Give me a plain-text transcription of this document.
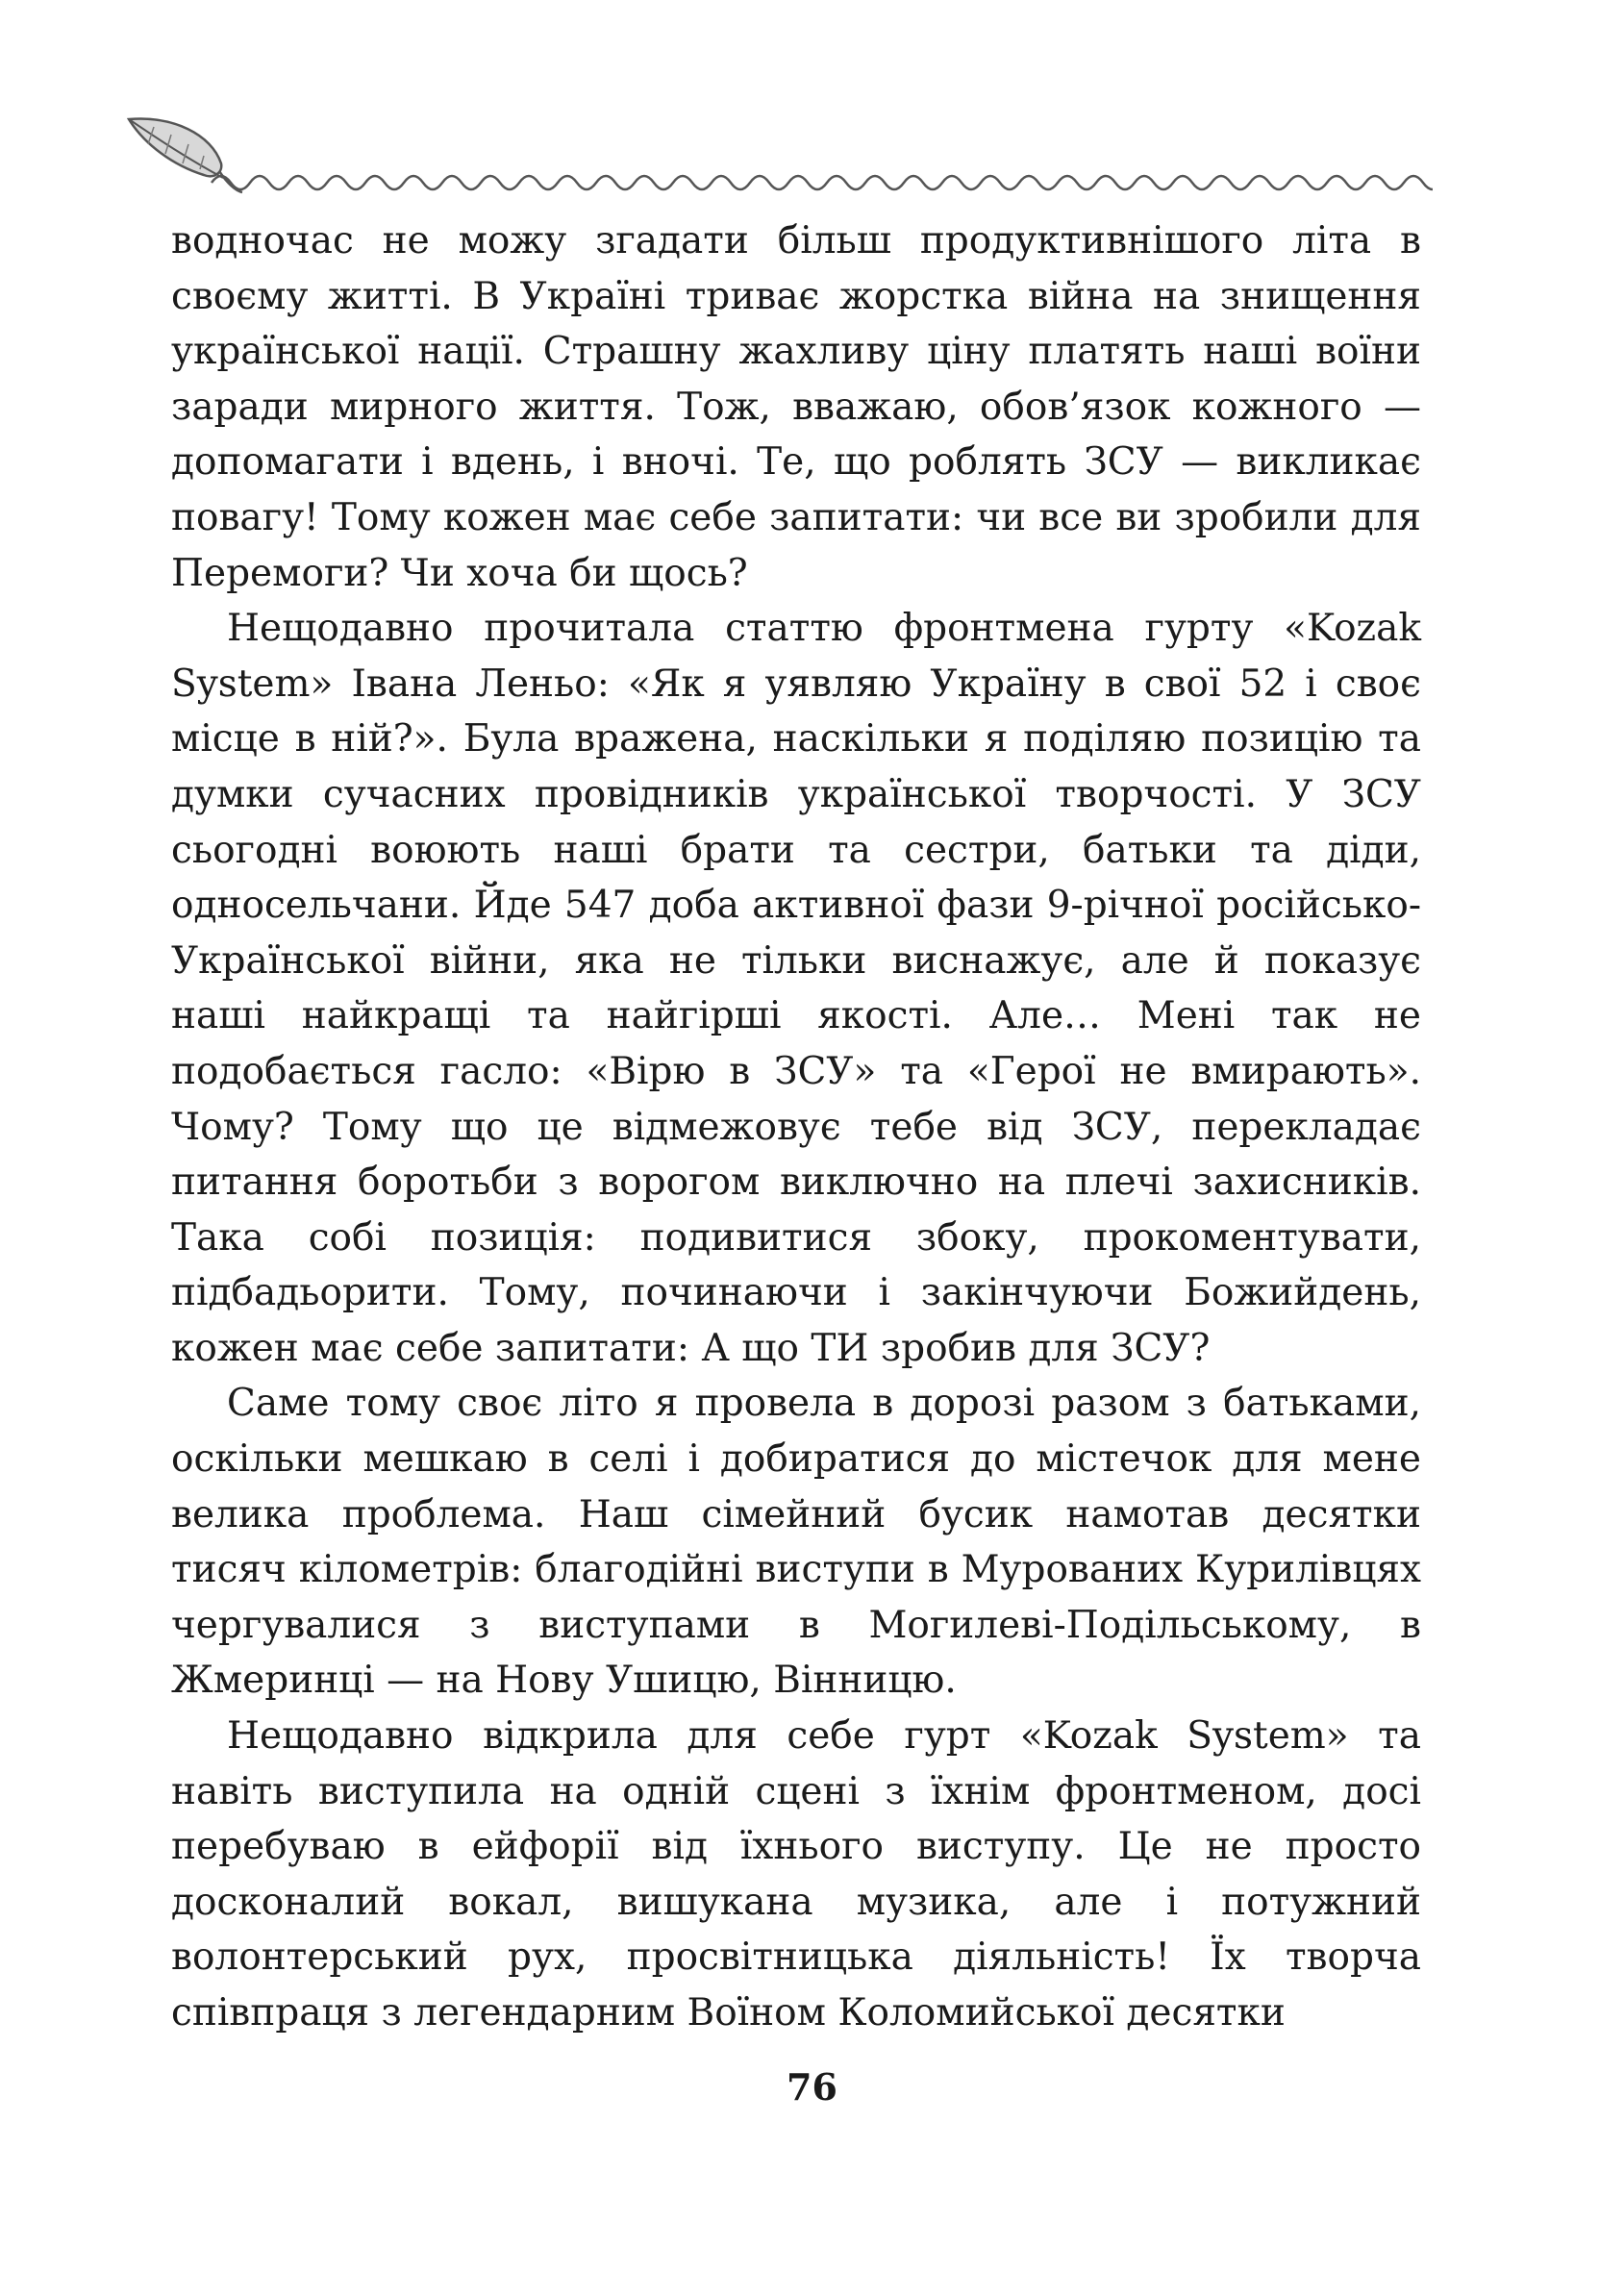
водночас не можу згадати більш продуктивнішого літа в своєму житті. В Україні триває жорстка війна на знищення української нації. Страшну жахливу ціну платять наші воїни заради мирного життя. Тож, вважаю, обов’язок кожного — допомагати і вдень, і вночі. Те, що роблять ЗСУ — викликає повагу! Тому кожен має себе запитати: чи все ви зробили для Перемоги? Чи хоча би щось?

Нещодавно прочитала статтю фронтмена гурту «Kozak System» Івана Леньо: «Як я уявляю Україну в свої 52 і своє місце в ній?». Була вражена, наскільки я поділяю позицію та думки сучасних провідників української творчості. У ЗСУ сьогодні воюють наші брати та сестри, батьки та діди, односельчани. Йде 547 доба активної фази 9-річної російсько-Української війни, яка не тільки виснажує, але й показує наші найкращі та найгірші якості. Але… Мені так не подобається гасло: «Вірю в ЗСУ» та «Герої не вмирають». Чому? Тому що це відмежовує тебе від ЗСУ, перекладає питання боротьби з ворогом виключно на плечі захисників. Така собі позиція: подивитися збоку, прокоментувати, підбадьорити. Тому, починаючи і закінчуючи Божийдень, кожен має себе запитати: А що ТИ зробив для ЗСУ?

Саме тому своє літо я провела в дорозі разом з батьками, оскільки мешкаю в селі і добиратися до містечок для мене велика проблема. Наш сімейний бусик намотав десятки тисяч кілометрів: благодійні виступи в Мурованих Курилівцях чергувалися з виступами в Могилеві-Подільському, в Жмеринці — на Нову Ушицю, Вінницю.

Нещодавно відкрила для себе гурт «Kozak System» та навіть виступила на одній сцені з їхнім фронтменом, досі перебуваю в ейфорії від їхнього виступу. Це не просто досконалий вокал, вишукана музика, але і потужний волонтерський рух, просвітницька діяльність! Їх творча співпраця з легендарним Воїном Коломийської десятки

76
